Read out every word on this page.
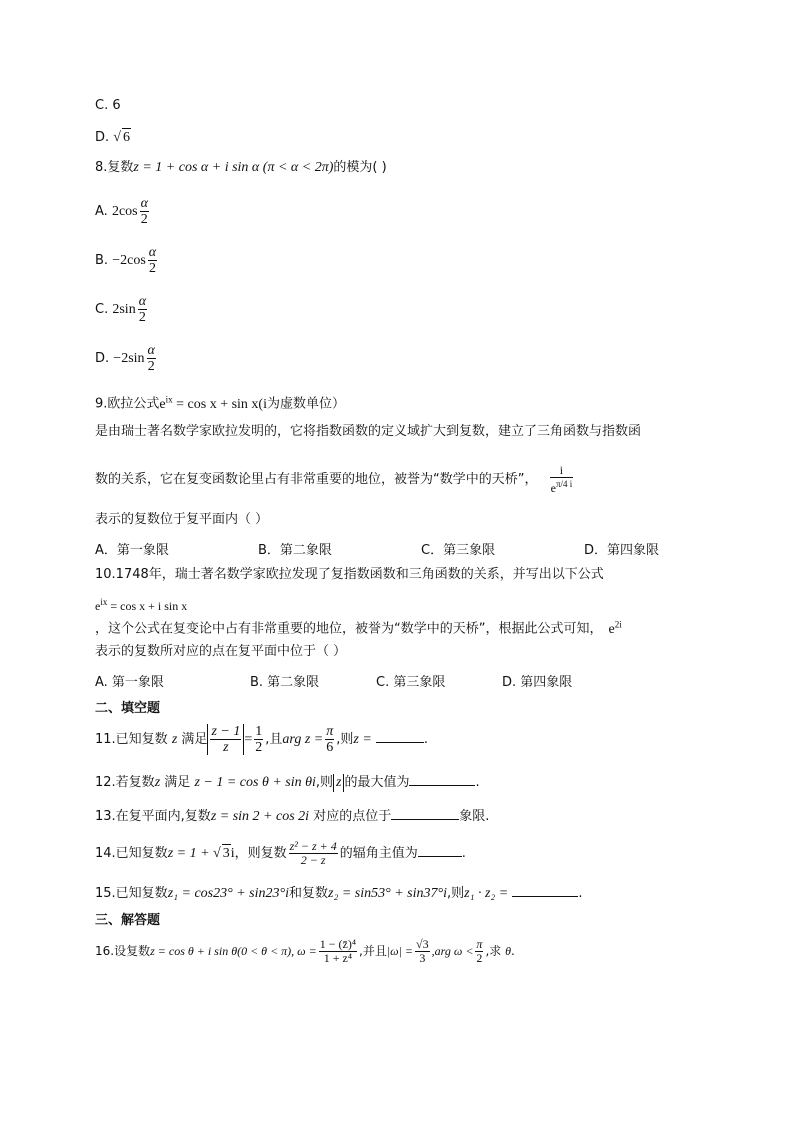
C. 6
D. √ 6
8.复数z = 1 + cos α + i sin α (π < α < 2π)的模为( )
A. $2\cos \frac{\alpha}{2}$
B. $-2\cos \frac{\alpha}{2}$
C. $2\sin \frac{\alpha}{2}$
D. $-2\sin \frac{\alpha}{2}$
9.欧拉公式$e^{ix} = \cos x + \sin x(i$为虚数单位）
是由瑞士著名数学家欧拉发明的，它将指数函数的定义域扩大到复数，建立了三角函数与指数函
数的关系，它在复变函数论里占有非常重要的地位，被誉为“数学中的天桥”， $\frac{i}{e^{\pi/4 i}}$
表示的复数位于复平面内（ ）
A．第一象限	B．第二象限	C．第三象限	D．第四象限
10.1748年，瑞士著名数学家欧拉发现了复指数函数和三角函数的关系，并写出以下公式
$e^{ix} = \cos x + i$ sin x
，这个公式在复变论中占有非常重要的地位，被誉为“数学中的天桥”，根据此公式可知， $e^{2i}$
表示的复数所对应的点在复平面中位于（ ）
A. 第一象限	B. 第二象限	C. 第三象限	D. 第四象限
二、填空题
11.已知复数 z 满足 $\frac{z - 1}{z} = \frac{1}{2}$ ,且arg $z = \frac{\pi}{6}$ ,则z =	.
12.若复数z 满足 z − 1 = cos θ + sin θi,则 z 的最大值为	.
13.在复平面内,复数z = sin 2 + cos 2i 对应的点位于	象限.
14.已知复数z = 1 + √ 3i，则复数 $\frac{\text{z² − z + 4}}{2 - z}$ 的辐角主值为	.
15.已知复数z₁ = cos23° + sin23°i和复数z₂ = sin53° + sin37°i,则z₁ · z₂ =	.
三、解答题
16.设复数z = cos θ + i sin θ(0 < θ < π), $\omega = \frac{\text{1 − (z̄)⁴}}{\text{1 + z⁴}}$ ,并且$|\omega| = \frac{√3}{3} ,arg$ $\omega < \frac{\pi}{2}$ ,求 θ.
